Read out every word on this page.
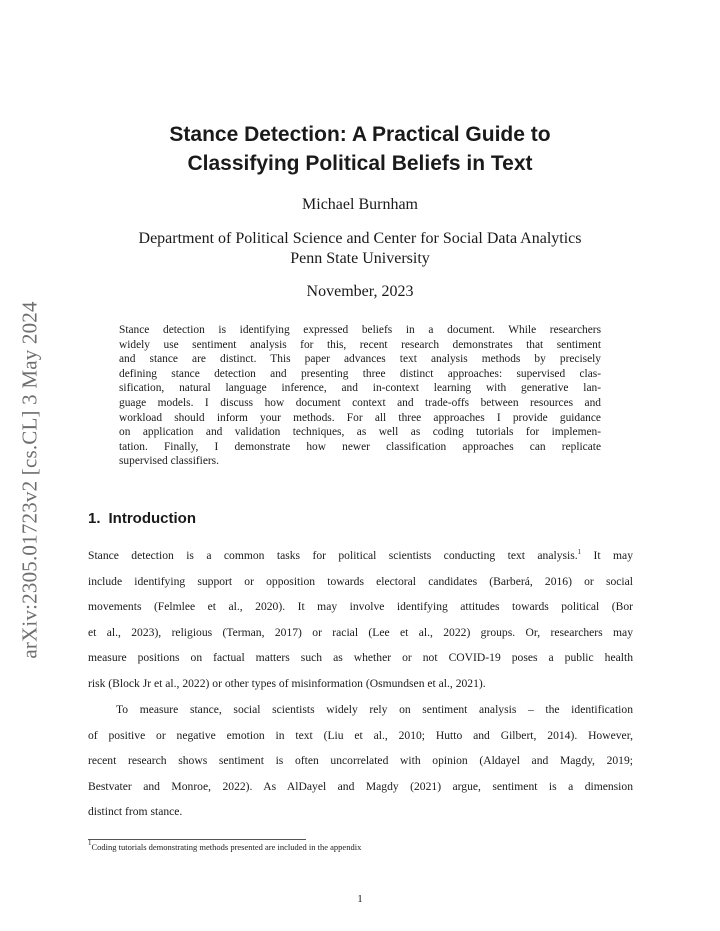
arXiv:2305.01723v2 [cs.CL] 3 May 2024
Stance Detection: A Practical Guide to
Classifying Political Beliefs in Text

Michael Burnham

Department of Political Science and Center for Social Data Analytics
Penn State University

November, 2023

Stance detection is identifying expressed beliefs in a document. While researchers
widely use sentiment analysis for this, recent research demonstrates that sentiment
and stance are distinct. This paper advances text analysis methods by precisely
defining stance detection and presenting three distinct approaches: supervised clas-
sification, natural language inference, and in-context learning with generative lan-
guage models. I discuss how document context and trade-offs between resources and
workload should inform your methods. For all three approaches I provide guidance
on application and validation techniques, as well as coding tutorials for implemen-
tation. Finally, I demonstrate how newer classification approaches can replicate
supervised classifiers.
1. Introduction
Stance detection is a common tasks for political scientists conducting text analysis.$^1$ It may
include identifying support or opposition towards electoral candidates (Barberá, 2016) or social
movements (Felmlee et al., 2020). It may involve identifying attitudes towards political (Bor
et al., 2023), religious (Terman, 2017) or racial (Lee et al., 2022) groups. Or, researchers may
measure positions on factual matters such as whether or not COVID-19 poses a public health
risk (Block Jr et al., 2022) or other types of misinformation (Osmundsen et al., 2021).
To measure stance, social scientists widely rely on sentiment analysis – the identification
of positive or negative emotion in text (Liu et al., 2010; Hutto and Gilbert, 2014). However,
recent research shows sentiment is often uncorrelated with opinion (Aldayel and Magdy, 2019;
Bestvater and Monroe, 2022). As AlDayel and Magdy (2021) argue, sentiment is a dimension
distinct from stance.

$^1$Coding tutorials demonstrating methods presented are included in the appendix

1
